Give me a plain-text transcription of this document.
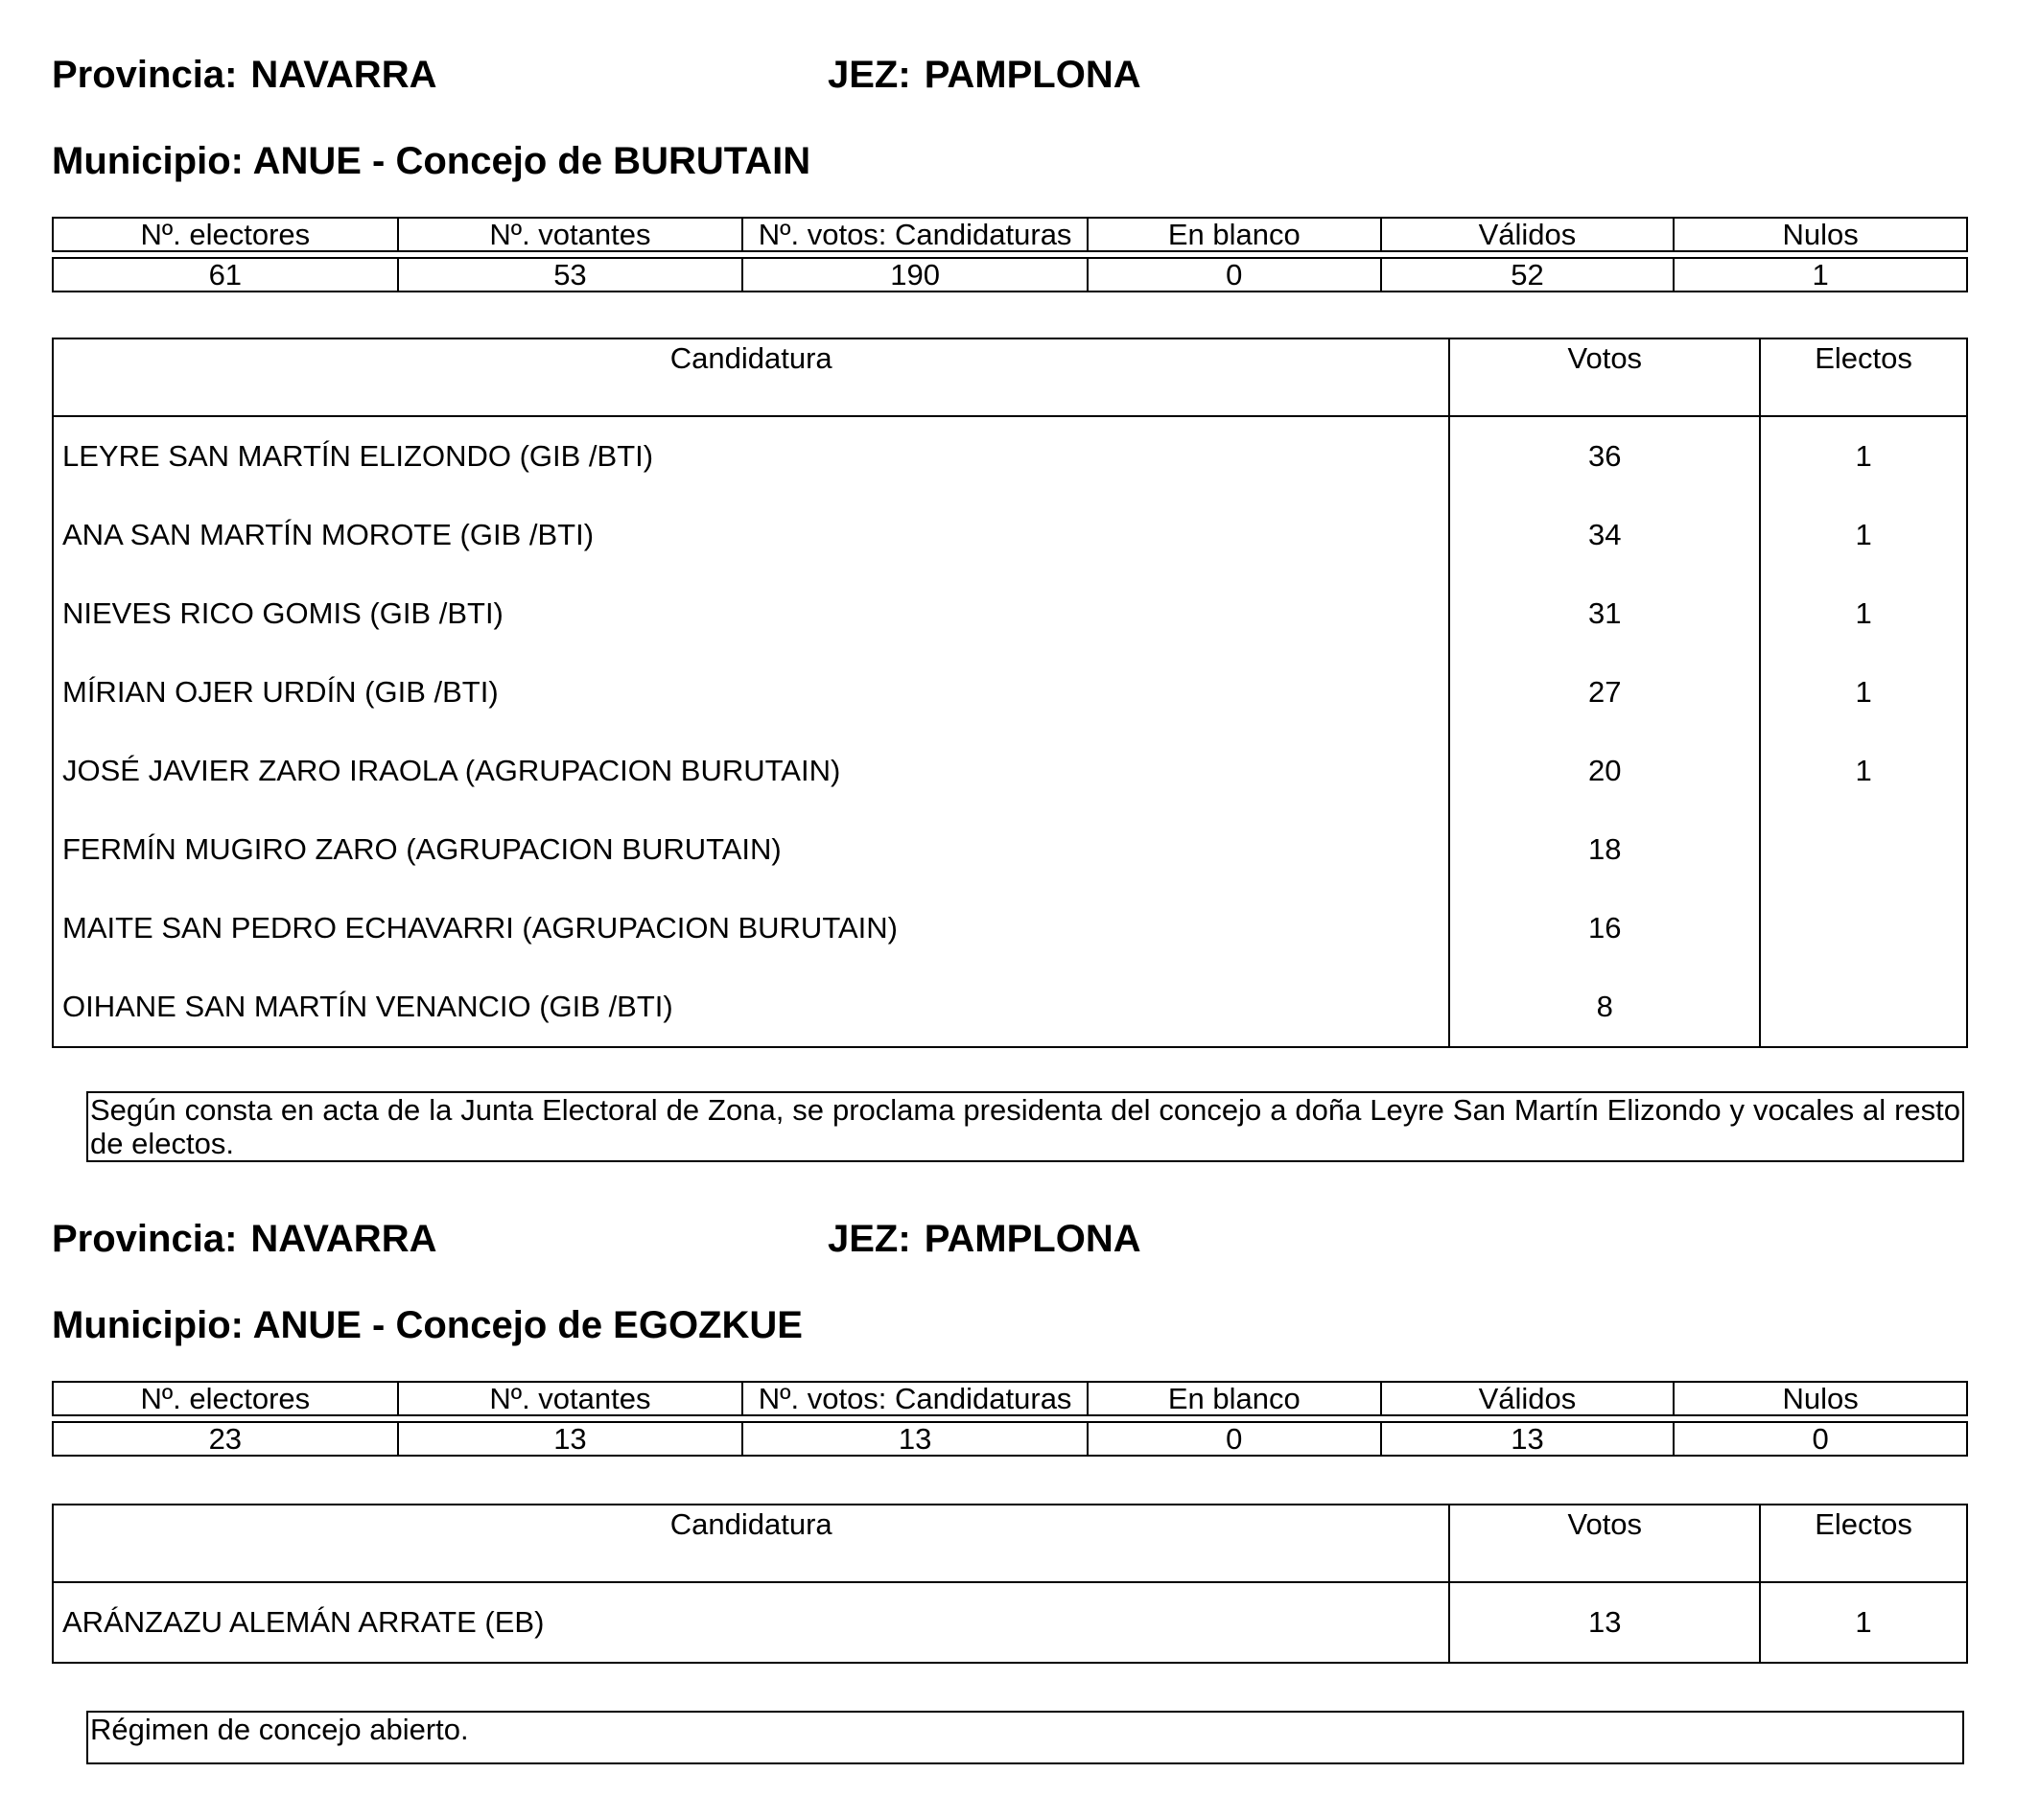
Provincia: NAVARRA	JEZ: PAMPLONA
Municipio: ANUE - Concejo de BURUTAIN
Nº. electores	Nº. votantes	Nº. votos: Candidaturas	En blanco	Válidos	Nulos

61	53	190	0	52	1
Candidatura	Votos	Electos
LEYRE SAN MARTÍN ELIZONDO (GIB /BTI)	36	1
ANA SAN MARTÍN MOROTE (GIB /BTI)	34	1
NIEVES RICO GOMIS (GIB /BTI)	31	1
MÍRIAN OJER URDÍN (GIB /BTI)	27	1
JOSÉ JAVIER ZARO IRAOLA (AGRUPACION BURUTAIN)	20	1
FERMÍN MUGIRO ZARO (AGRUPACION BURUTAIN)	18	
MAITE SAN PEDRO ECHAVARRI (AGRUPACION BURUTAIN)	16	
OIHANE SAN MARTÍN VENANCIO (GIB /BTI)	8	
Según consta en acta de la Junta Electoral de Zona, se proclama presidenta del concejo a doña Leyre San Martín Elizondo y vocales al resto de electos.
Provincia: NAVARRA	JEZ: PAMPLONA
Municipio: ANUE - Concejo de EGOZKUE
Nº. electores	Nº. votantes	Nº. votos: Candidaturas	En blanco	Válidos	Nulos

23	13	13	0	13	0
Candidatura	Votos	Electos
ARÁNZAZU ALEMÁN ARRATE (EB)	13	1
Régimen de concejo abierto.
